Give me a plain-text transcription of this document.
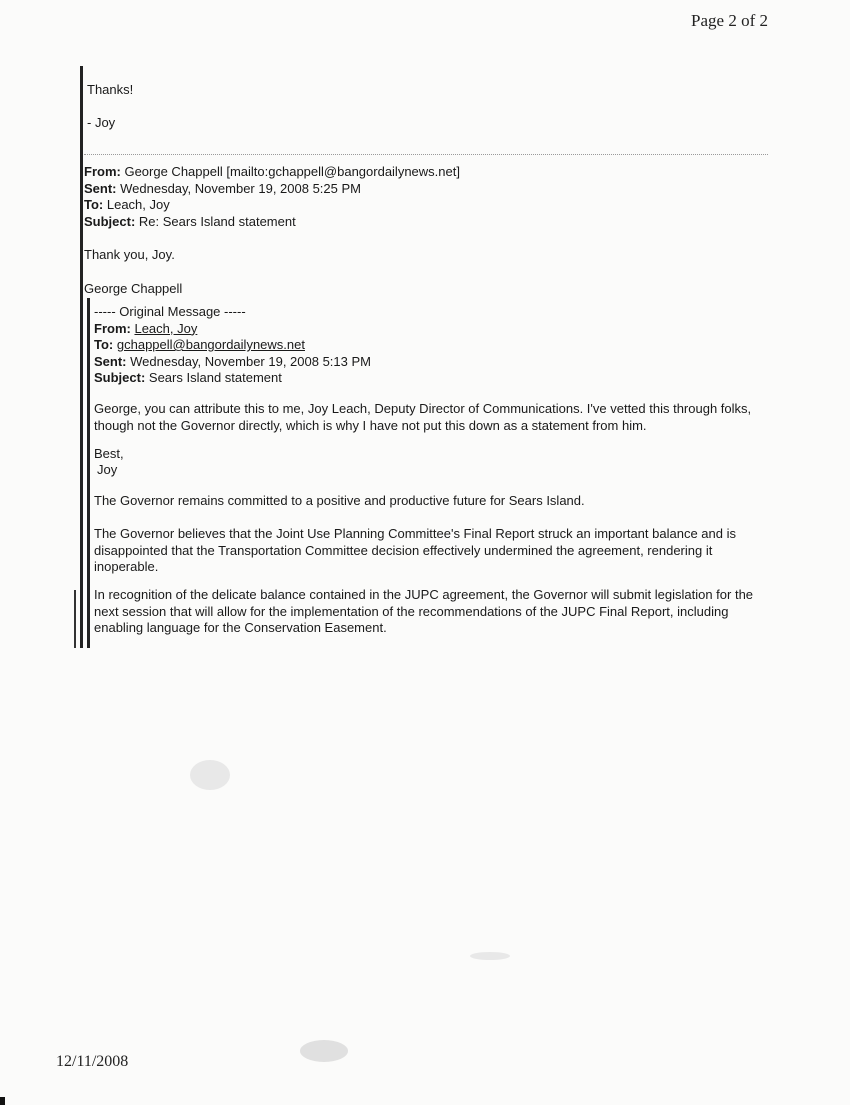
Page 2 of 2
Thanks!
- Joy
From: George Chappell [mailto:gchappell@bangordailynews.net]
Sent: Wednesday, November 19, 2008 5:25 PM
To: Leach, Joy
Subject: Re: Sears Island statement
Thank you, Joy.
George Chappell
----- Original Message -----
From: Leach, Joy
To: gchappell@bangordailynews.net
Sent: Wednesday, November 19, 2008 5:13 PM
Subject: Sears Island statement
George, you can attribute this to me, Joy Leach, Deputy Director of Communications. I've vetted this through folks, though not the Governor directly, which is why I have not put this down as a statement from him.
Best,
Joy
The Governor remains committed to a positive and productive future for Sears Island.
The Governor believes that the Joint Use Planning Committee's Final Report struck an important balance and is disappointed that the Transportation Committee decision effectively undermined the agreement, rendering it inoperable.
In recognition of the delicate balance contained in the JUPC agreement, the Governor will submit legislation for the next session that will allow for the implementation of the recommendations of the JUPC Final Report, including enabling language for the Conservation Easement.
12/11/2008
